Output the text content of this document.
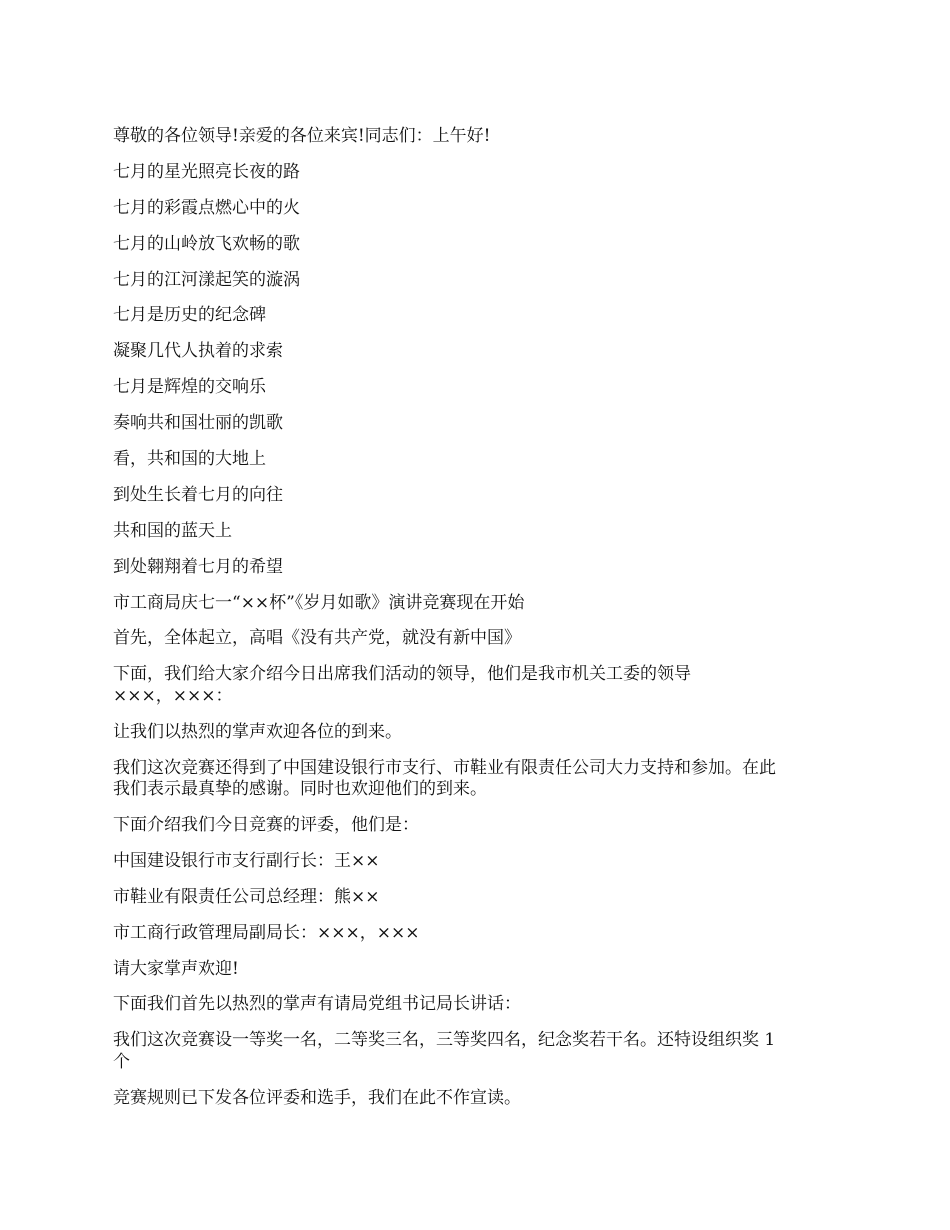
尊敬的各位领导!亲爱的各位来宾!同志们：上午好!

七月的星光照亮长夜的路

七月的彩霞点燃心中的火

七月的山岭放飞欢畅的歌

七月的江河漾起笑的漩涡

七月是历史的纪念碑

凝聚几代人执着的求索

七月是辉煌的交响乐

奏响共和国壮丽的凯歌

看，共和国的大地上

到处生长着七月的向往

共和国的蓝天上

到处翱翔着七月的希望

市工商局庆七一“××杯”《岁月如歌》演讲竞赛现在开始

首先，全体起立，高唱《没有共产党，就没有新中国》

下面，我们给大家介绍今日出席我们活动的领导，他们是我市机关工委的领导
×××，×××：

让我们以热烈的掌声欢迎各位的到来。

我们这次竞赛还得到了中国建设银行市支行、市鞋业有限责任公司大力支持和参加。在此
我们表示最真挚的感谢。同时也欢迎他们的到来。

下面介绍我们今日竞赛的评委，他们是：

中国建设银行市支行副行长：王××

市鞋业有限责任公司总经理：熊××

市工商行政管理局副局长：×××，×××

请大家掌声欢迎!

下面我们首先以热烈的掌声有请局党组书记局长讲话：

我们这次竞赛设一等奖一名，二等奖三名，三等奖四名，纪念奖若干名。还特设组织奖 1
个

竞赛规则已下发各位评委和选手，我们在此不作宣读。
